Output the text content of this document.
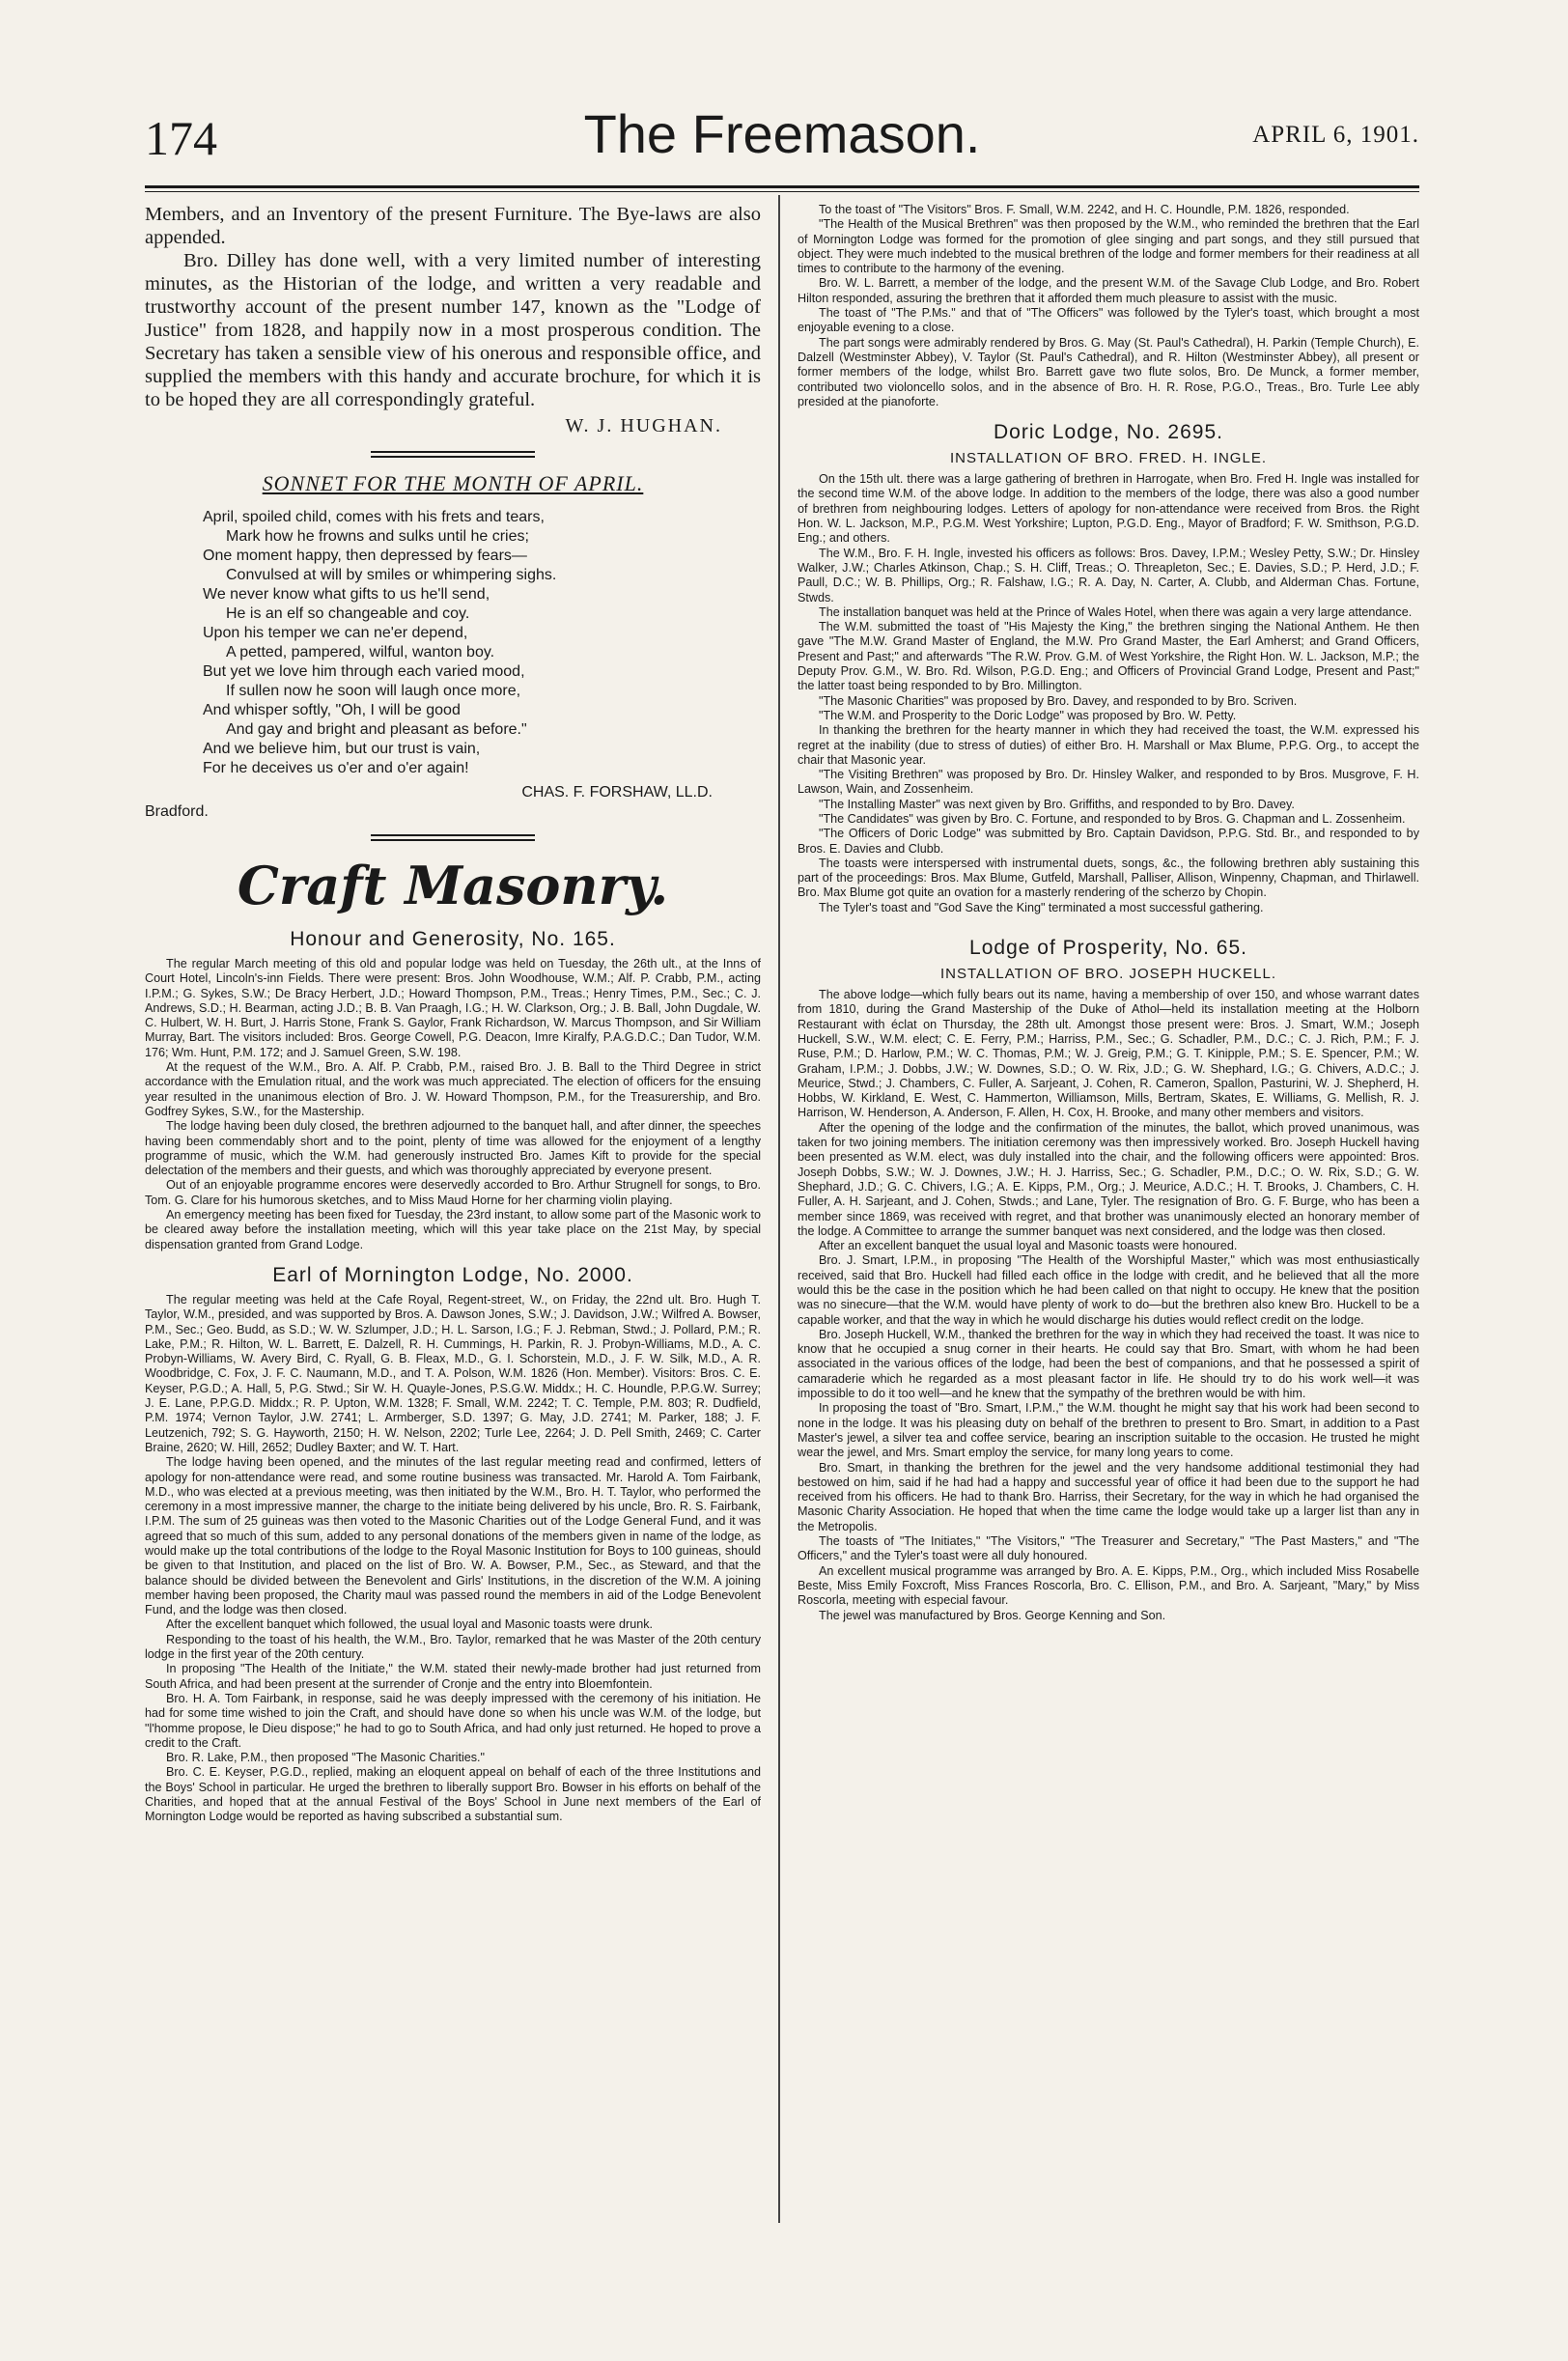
174	The Freemason.	APRIL 6, 1901.

Members, and an Inventory of the present Furniture. The Bye-laws are also appended.

Bro. Dilley has done well, with a very limited number of interesting minutes, as the Historian of the lodge, and written a very readable and trustworthy account of the present number 147, known as the "Lodge of Justice" from 1828, and happily now in a most prosperous condition. The Secretary has taken a sensible view of his onerous and responsible office, and supplied the members with this handy and accurate brochure, for which it is to be hoped they are all correspondingly grateful.

W. J. HUGHAN.
SONNET FOR THE MONTH OF APRIL.
April, spoiled child, comes with his frets and tears,
Mark how he frowns and sulks until he cries;
One moment happy, then depressed by fears—
Convulsed at will by smiles or whimpering sighs.
We never know what gifts to us he'll send,
He is an elf so changeable and coy.
Upon his temper we can ne'er depend,
A petted, pampered, wilful, wanton boy.
But yet we love him through each varied mood,
If sullen now he soon will laugh once more,
And whisper softly, "Oh, I will be good
And gay and bright and pleasant as before."
And we believe him, but our trust is vain,
For he deceives us o'er and o'er again!
CHAS. F. FORSHAW, LL.D.
Bradford.
Craft Masonry.
Honour and Generosity, No. 165.

The regular March meeting of this old and popular lodge was held on Tuesday, the 26th ult., at the Inns of Court Hotel, Lincoln's-inn Fields. There were present: Bros. John Woodhouse, W.M.; Alf. P. Crabb, P.M., acting I.P.M.; G. Sykes, S.W.; De Bracy Herbert, J.D.; Howard Thompson, P.M., Treas.; Henry Times, P.M., Sec.; C. J. Andrews, S.D.; H. Bearman, acting J.D.; B. B. Van Praagh, I.G.; H. W. Clarkson, Org.; J. B. Ball, John Dugdale, W. C. Hulbert, W. H. Burt, J. Harris Stone, Frank S. Gaylor, Frank Richardson, W. Marcus Thompson, and Sir William Murray, Bart. The visitors included: Bros. George Cowell, P.G. Deacon, Imre Kiralfy, P.A.G.D.C.; Dan Tudor, W.M. 176; Wm. Hunt, P.M. 172; and J. Samuel Green, S.W. 198.

At the request of the W.M., Bro. A. Alf. P. Crabb, P.M., raised Bro. J. B. Ball to the Third Degree in strict accordance with the Emulation ritual, and the work was much appreciated. The election of officers for the ensuing year resulted in the unanimous election of Bro. J. W. Howard Thompson, P.M., for the Treasurership, and Bro. Godfrey Sykes, S.W., for the Mastership.

The lodge having been duly closed, the brethren adjourned to the banquet hall, and after dinner, the speeches having been commendably short and to the point, plenty of time was allowed for the enjoyment of a lengthy programme of music, which the W.M. had generously instructed Bro. James Kift to provide for the special delectation of the members and their guests, and which was thoroughly appreciated by everyone present.

Out of an enjoyable programme encores were deservedly accorded to Bro. Arthur Strugnell for songs, to Bro. Tom. G. Clare for his humorous sketches, and to Miss Maud Horne for her charming violin playing.

An emergency meeting has been fixed for Tuesday, the 23rd instant, to allow some part of the Masonic work to be cleared away before the installation meeting, which will this year take place on the 21st May, by special dispensation granted from Grand Lodge.

Earl of Mornington Lodge, No. 2000.

The regular meeting was held at the Cafe Royal, Regent-street, W., on Friday, the 22nd ult. Bro. Hugh T. Taylor, W.M., presided, and was supported by Bros. A. Dawson Jones, S.W.; J. Davidson, J.W.; Wilfred A. Bowser, P.M., Sec.; Geo. Budd, as S.D.; W. W. Szlumper, J.D.; H. L. Sarson, I.G.; F. J. Rebman, Stwd.; J. Pollard, P.M.; R. Lake, P.M.; R. Hilton, W. L. Barrett, E. Dalzell, R. H. Cummings, H. Parkin, R. J. Probyn-Williams, M.D., A. C. Probyn-Williams, W. Avery Bird, C. Ryall, G. B. Fleax, M.D., G. I. Schorstein, M.D., J. F. W. Silk, M.D., A. R. Woodbridge, C. Fox, J. F. C. Naumann, M.D., and T. A. Polson, W.M. 1826 (Hon. Member). Visitors: Bros. C. E. Keyser, P.G.D.; A. Hall, 5, P.G. Stwd.; Sir W. H. Quayle-Jones, P.S.G.W. Middx.; H. C. Houndle, P.P.G.W. Surrey; J. E. Lane, P.P.G.D. Middx.; R. P. Upton, W.M. 1328; F. Small, W.M. 2242; T. C. Temple, P.M. 803; R. Dudfield, P.M. 1974; Vernon Taylor, J.W. 2741; L. Armberger, S.D. 1397; G. May, J.D. 2741; M. Parker, 188; J. F. Leutzenich, 792; S. G. Hayworth, 2150; H. W. Nelson, 2202; Turle Lee, 2264; J. D. Pell Smith, 2469; C. Carter Braine, 2620; W. Hill, 2652; Dudley Baxter; and W. T. Hart.

The lodge having been opened, and the minutes of the last regular meeting read and confirmed, letters of apology for non-attendance were read, and some routine business was transacted. Mr. Harold A. Tom Fairbank, M.D., who was elected at a previous meeting, was then initiated by the W.M., Bro. H. T. Taylor, who performed the ceremony in a most impressive manner, the charge to the initiate being delivered by his uncle, Bro. R. S. Fairbank, I.P.M. The sum of 25 guineas was then voted to the Masonic Charities out of the Lodge General Fund, and it was agreed that so much of this sum, added to any personal donations of the members given in name of the lodge, as would make up the total contributions of the lodge to the Royal Masonic Institution for Boys to 100 guineas, should be given to that Institution, and placed on the list of Bro. W. A. Bowser, P.M., Sec., as Steward, and that the balance should be divided between the Benevolent and Girls' Institutions, in the discretion of the W.M. A joining member having been proposed, the Charity maul was passed round the members in aid of the Lodge Benevolent Fund, and the lodge was then closed.

After the excellent banquet which followed, the usual loyal and Masonic toasts were drunk.

Responding to the toast of his health, the W.M., Bro. Taylor, remarked that he was Master of the 20th century lodge in the first year of the 20th century.

In proposing "The Health of the Initiate," the W.M. stated their newly-made brother had just returned from South Africa, and had been present at the surrender of Cronje and the entry into Bloemfontein.

Bro. H. A. Tom Fairbank, in response, said he was deeply impressed with the ceremony of his initiation. He had for some time wished to join the Craft, and should have done so when his uncle was W.M. of the lodge, but "l'homme propose, le Dieu dispose;" he had to go to South Africa, and had only just returned. He hoped to prove a credit to the Craft.

Bro. R. Lake, P.M., then proposed "The Masonic Charities."

Bro. C. E. Keyser, P.G.D., replied, making an eloquent appeal on behalf of each of the three Institutions and the Boys' School in particular. He urged the brethren to liberally support Bro. Bowser in his efforts on behalf of the Charities, and hoped that at the annual Festival of the Boys' School in June next members of the Earl of Mornington Lodge would be reported as having subscribed a substantial sum.

To the toast of "The Visitors" Bros. F. Small, W.M. 2242, and H. C. Houndle, P.M. 1826, responded.

"The Health of the Musical Brethren" was then proposed by the W.M., who reminded the brethren that the Earl of Mornington Lodge was formed for the promotion of glee singing and part songs, and they still pursued that object. They were much indebted to the musical brethren of the lodge and former members for their readiness at all times to contribute to the harmony of the evening.

Bro. W. L. Barrett, a member of the lodge, and the present W.M. of the Savage Club Lodge, and Bro. Robert Hilton responded, assuring the brethren that it afforded them much pleasure to assist with the music.

The toast of "The P.Ms." and that of "The Officers" was followed by the Tyler's toast, which brought a most enjoyable evening to a close.

The part songs were admirably rendered by Bros. G. May (St. Paul's Cathedral), H. Parkin (Temple Church), E. Dalzell (Westminster Abbey), V. Taylor (St. Paul's Cathedral), and R. Hilton (Westminster Abbey), all present or former members of the lodge, whilst Bro. Barrett gave two flute solos, Bro. De Munck, a former member, contributed two violoncello solos, and in the absence of Bro. H. R. Rose, P.G.O., Treas., Bro. Turle Lee ably presided at the pianoforte.

Doric Lodge, No. 2695.
INSTALLATION OF BRO. FRED. H. INGLE.

On the 15th ult. there was a large gathering of brethren in Harrogate, when Bro. Fred H. Ingle was installed for the second time W.M. of the above lodge. In addition to the members of the lodge, there was also a good number of brethren from neighbouring lodges. Letters of apology for non-attendance were received from Bros. the Right Hon. W. L. Jackson, M.P., P.G.M. West Yorkshire; Lupton, P.G.D. Eng., Mayor of Bradford; F. W. Smithson, P.G.D. Eng.; and others.

The W.M., Bro. F. H. Ingle, invested his officers as follows: Bros. Davey, I.P.M.; Wesley Petty, S.W.; Dr. Hinsley Walker, J.W.; Charles Atkinson, Chap.; S. H. Cliff, Treas.; O. Threapleton, Sec.; E. Davies, S.D.; P. Herd, J.D.; F. Paull, D.C.; W. B. Phillips, Org.; R. Falshaw, I.G.; R. A. Day, N. Carter, A. Clubb, and Alderman Chas. Fortune, Stwds.

The installation banquet was held at the Prince of Wales Hotel, when there was again a very large attendance.

The W.M. submitted the toast of "His Majesty the King," the brethren singing the National Anthem. He then gave "The M.W. Grand Master of England, the M.W. Pro Grand Master, the Earl Amherst; and Grand Officers, Present and Past;" and afterwards "The R.W. Prov. G.M. of West Yorkshire, the Right Hon. W. L. Jackson, M.P.; the Deputy Prov. G.M., W. Bro. Rd. Wilson, P.G.D. Eng.; and Officers of Provincial Grand Lodge, Present and Past;" the latter toast being responded to by Bro. Millington.

"The Masonic Charities" was proposed by Bro. Davey, and responded to by Bro. Scriven.

"The W.M. and Prosperity to the Doric Lodge" was proposed by Bro. W. Petty.

In thanking the brethren for the hearty manner in which they had received the toast, the W.M. expressed his regret at the inability (due to stress of duties) of either Bro. H. Marshall or Max Blume, P.P.G. Org., to accept the chair that Masonic year.

"The Visiting Brethren" was proposed by Bro. Dr. Hinsley Walker, and responded to by Bros. Musgrove, F. H. Lawson, Wain, and Zossenheim.

"The Installing Master" was next given by Bro. Griffiths, and responded to by Bro. Davey.

"The Candidates" was given by Bro. C. Fortune, and responded to by Bros. G. Chapman and L. Zossenheim.

"The Officers of Doric Lodge" was submitted by Bro. Captain Davidson, P.P.G. Std. Br., and responded to by Bros. E. Davies and Clubb.

The toasts were interspersed with instrumental duets, songs, &c., the following brethren ably sustaining this part of the proceedings: Bros. Max Blume, Gutfeld, Marshall, Palliser, Allison, Winpenny, Chapman, and Thirlawell. Bro. Max Blume got quite an ovation for a masterly rendering of the scherzo by Chopin.

The Tyler's toast and "God Save the King" terminated a most successful gathering.

Lodge of Prosperity, No. 65.
INSTALLATION OF BRO. JOSEPH HUCKELL.

The above lodge—which fully bears out its name, having a membership of over 150, and whose warrant dates from 1810, during the Grand Mastership of the Duke of Athol—held its installation meeting at the Holborn Restaurant with éclat on Thursday, the 28th ult. Amongst those present were: Bros. J. Smart, W.M.; Joseph Huckell, S.W., W.M. elect; C. E. Ferry, P.M.; Harriss, P.M., Sec.; G. Schadler, P.M., D.C.; C. J. Rich, P.M.; F. J. Ruse, P.M.; D. Harlow, P.M.; W. C. Thomas, P.M.; W. J. Greig, P.M.; G. T. Kinipple, P.M.; S. E. Spencer, P.M.; W. Graham, I.P.M.; J. Dobbs, J.W.; W. Downes, S.D.; O. W. Rix, J.D.; G. W. Shephard, I.G.; G. Chivers, A.D.C.; J. Meurice, Stwd.; J. Chambers, C. Fuller, A. Sarjeant, J. Cohen, R. Cameron, Spallon, Pasturini, W. J. Shepherd, H. Hobbs, W. Kirkland, E. West, C. Hammerton, Williamson, Mills, Bertram, Skates, E. Williams, G. Mellish, R. J. Harrison, W. Henderson, A. Anderson, F. Allen, H. Cox, H. Brooke, and many other members and visitors.

After the opening of the lodge and the confirmation of the minutes, the ballot, which proved unanimous, was taken for two joining members. The initiation ceremony was then impressively worked. Bro. Joseph Huckell having been presented as W.M. elect, was duly installed into the chair, and the following officers were appointed: Bros. Joseph Dobbs, S.W.; W. J. Downes, J.W.; H. J. Harriss, Sec.; G. Schadler, P.M., D.C.; O. W. Rix, S.D.; G. W. Shephard, J.D.; G. C. Chivers, I.G.; A. E. Kipps, P.M., Org.; J. Meurice, A.D.C.; H. T. Brooks, J. Chambers, C. H. Fuller, A. H. Sarjeant, and J. Cohen, Stwds.; and Lane, Tyler. The resignation of Bro. G. F. Burge, who has been a member since 1869, was received with regret, and that brother was unanimously elected an honorary member of the lodge. A Committee to arrange the summer banquet was next considered, and the lodge was then closed.

After an excellent banquet the usual loyal and Masonic toasts were honoured.

Bro. J. Smart, I.P.M., in proposing "The Health of the Worshipful Master," which was most enthusiastically received, said that Bro. Huckell had filled each office in the lodge with credit, and he believed that all the more would this be the case in the position which he had been called on that night to occupy. He knew that the position was no sinecure—that the W.M. would have plenty of work to do—but the brethren also knew Bro. Huckell to be a capable worker, and that the way in which he would discharge his duties would reflect credit on the lodge.

Bro. Joseph Huckell, W.M., thanked the brethren for the way in which they had received the toast. It was nice to know that he occupied a snug corner in their hearts. He could say that Bro. Smart, with whom he had been associated in the various offices of the lodge, had been the best of companions, and that he possessed a spirit of camaraderie which he regarded as a most pleasant factor in life. He should try to do his work well—it was impossible to do it too well—and he knew that the sympathy of the brethren would be with him.

In proposing the toast of "Bro. Smart, I.P.M.," the W.M. thought he might say that his work had been second to none in the lodge. It was his pleasing duty on behalf of the brethren to present to Bro. Smart, in addition to a Past Master's jewel, a silver tea and coffee service, bearing an inscription suitable to the occasion. He trusted he might wear the jewel, and Mrs. Smart employ the service, for many long years to come.

Bro. Smart, in thanking the brethren for the jewel and the very handsome additional testimonial they had bestowed on him, said if he had had a happy and successful year of office it had been due to the support he had received from his officers. He had to thank Bro. Harriss, their Secretary, for the way in which he had organised the Masonic Charity Association. He hoped that when the time came the lodge would take up a larger list than any in the Metropolis.

The toasts of "The Initiates," "The Visitors," "The Treasurer and Secretary," "The Past Masters," and "The Officers," and the Tyler's toast were all duly honoured.

An excellent musical programme was arranged by Bro. A. E. Kipps, P.M., Org., which included Miss Rosabelle Beste, Miss Emily Foxcroft, Miss Frances Roscorla, Bro. C. Ellison, P.M., and Bro. A. Sarjeant, "Mary," by Miss Roscorla, meeting with especial favour.

The jewel was manufactured by Bros. George Kenning and Son.
